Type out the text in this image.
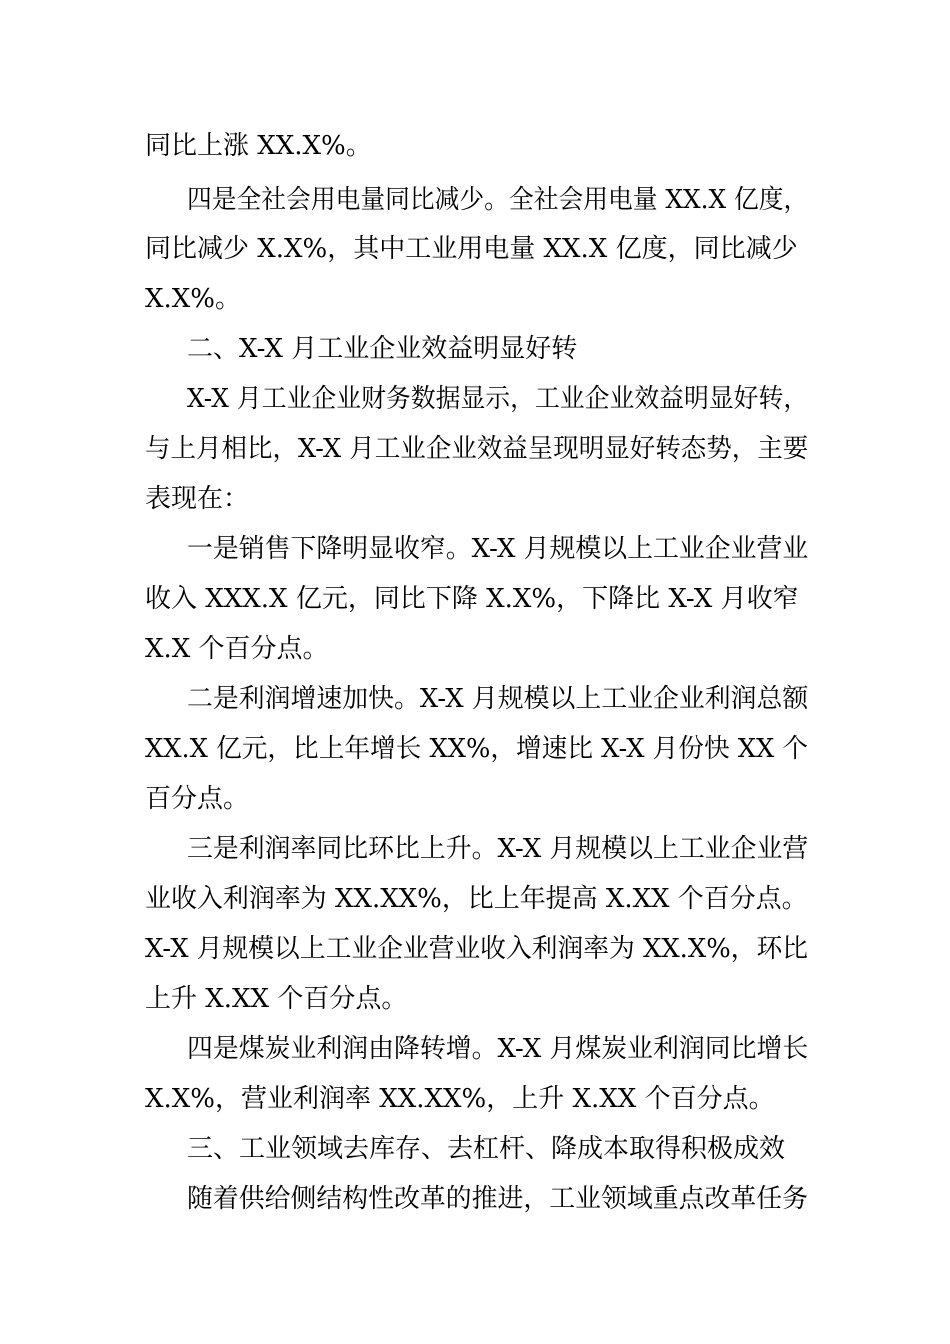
同比上涨 XX.X%。
四是全社会用电量同比减少。全社会用电量 XX.X 亿度，
同比减少 X.X%，其中工业用电量 XX.X 亿度，同比减少
X.X%。
二、X-X 月工业企业效益明显好转
X-X 月工业企业财务数据显示，工业企业效益明显好转，
与上月相比，X-X 月工业企业效益呈现明显好转态势，主要
表现在：
一是销售下降明显收窄。X-X 月规模以上工业企业营业
收入 XXX.X 亿元，同比下降 X.X%，下降比 X-X 月收窄
X.X 个百分点。
二是利润增速加快。X-X 月规模以上工业企业利润总额
XX.X 亿元，比上年增长 XX%，增速比 X-X 月份快 XX 个
百分点。
三是利润率同比环比上升。X-X 月规模以上工业企业营
业收入利润率为 XX.XX%，比上年提高 X.XX 个百分点。
X-X 月规模以上工业企业营业收入利润率为 XX.X%，环比
上升 X.XX 个百分点。
四是煤炭业利润由降转增。X-X 月煤炭业利润同比增长
X.X%，营业利润率 XX.XX%，上升 X.XX 个百分点。
三、工业领域去库存、去杠杆、降成本取得积极成效
随着供给侧结构性改革的推进，工业领域重点改革任务
